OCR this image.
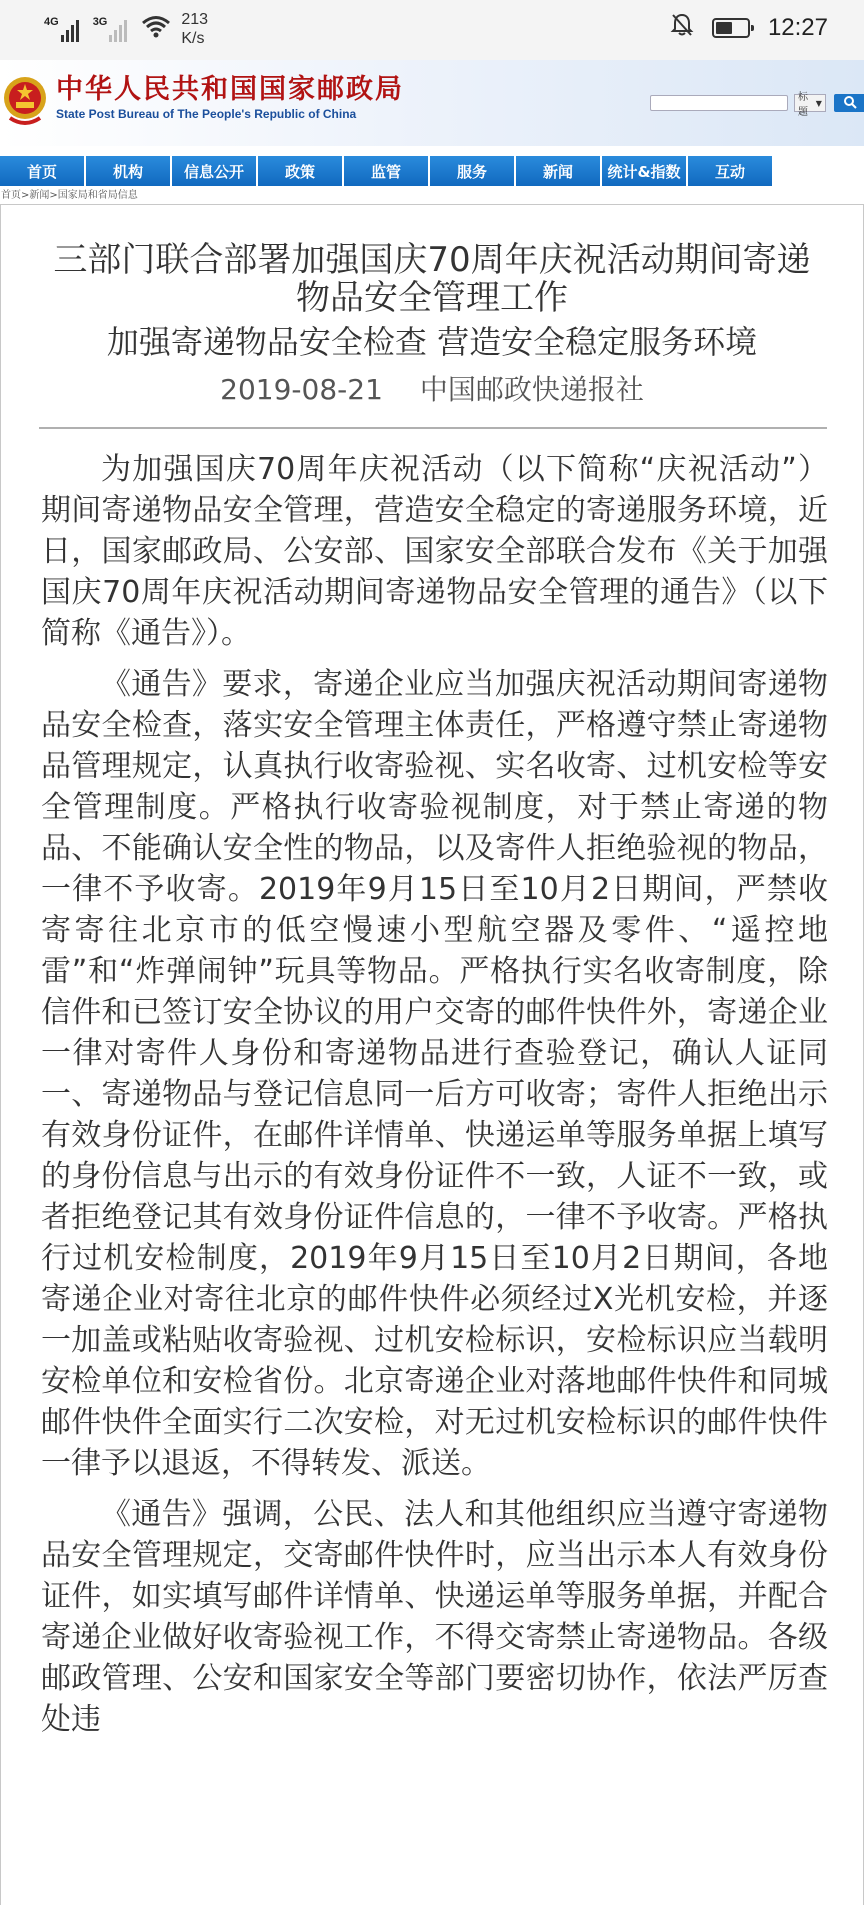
4G	3G	213
K/s	12:27
中华人民共和国国家邮政局
State Post Bureau of The People's Republic of China
标题
▼
首页	机构	信息公开	政策	监管	服务	新闻	统计&指数	互动
首页>新闻>国家局和省局信息
三部门联合部署加强国庆70周年庆祝活动期间寄递物品安全管理工作
加强寄递物品安全检查 营造安全稳定服务环境
2019-08-21 中国邮政快递报社

为加强国庆70周年庆祝活动（以下简称“庆祝活动”）期间寄递物品安全管理，营造安全稳定的寄递服务环境，近日，国家邮政局、公安部、国家安全部联合发布《关于加强国庆70周年庆祝活动期间寄递物品安全管理的通告》（以下简称《通告》）。

《通告》要求，寄递企业应当加强庆祝活动期间寄递物品安全检查，落实安全管理主体责任，严格遵守禁止寄递物品管理规定，认真执行收寄验视、实名收寄、过机安检等安全管理制度。严格执行收寄验视制度，对于禁止寄递的物品、不能确认安全性的物品，以及寄件人拒绝验视的物品，一律不予收寄。2019年9月15日至10月2日期间，严禁收寄寄往北京市的低空慢速小型航空器及零件、“遥控地雷”和“炸弹闹钟”玩具等物品。严格执行实名收寄制度，除信件和已签订安全协议的用户交寄的邮件快件外，寄递企业一律对寄件人身份和寄递物品进行查验登记，确认人证同一、寄递物品与登记信息同一后方可收寄；寄件人拒绝出示有效身份证件，在邮件详情单、快递运单等服务单据上填写的身份信息与出示的有效身份证件不一致，人证不一致，或者拒绝登记其有效身份证件信息的，一律不予收寄。严格执行过机安检制度，2019年9月15日至10月2日期间，各地寄递企业对寄往北京的邮件快件必须经过X光机安检，并逐一加盖或粘贴收寄验视、过机安检标识，安检标识应当载明安检单位和安检省份。北京寄递企业对落地邮件快件和同城邮件快件全面实行二次安检，对无过机安检标识的邮件快件一律予以退返，不得转发、派送。

《通告》强调，公民、法人和其他组织应当遵守寄递物品安全管理规定，交寄邮件快件时，应当出示本人有效身份证件，如实填写邮件详情单、快递运单等服务单据，并配合寄递企业做好收寄验视工作，不得交寄禁止寄递物品。各级邮政管理、公安和国家安全等部门要密切协作，依法严厉查处违
